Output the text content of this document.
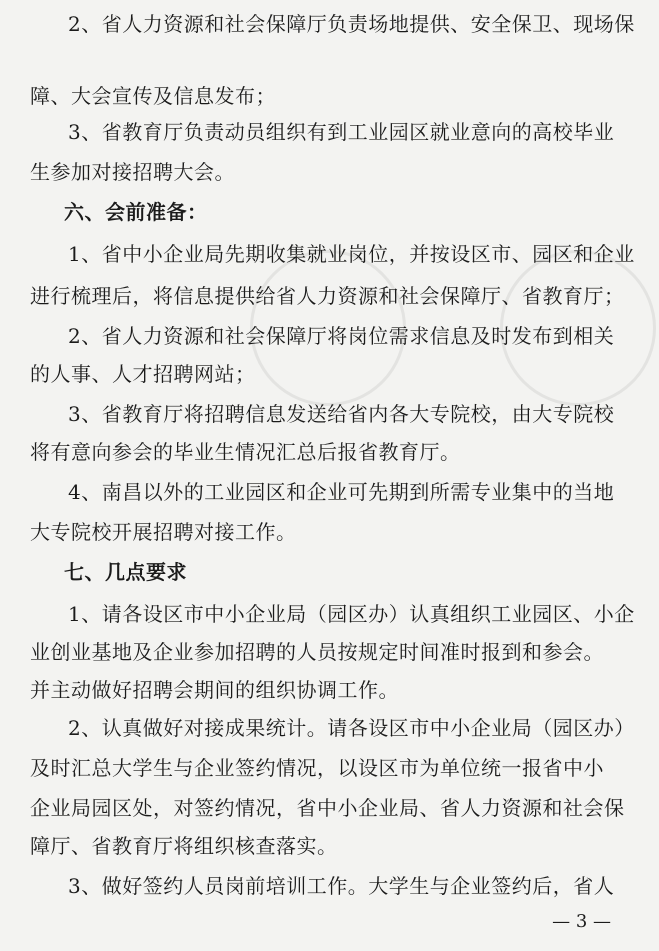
2、省人力资源和社会保障厅负责场地提供、安全保卫、现场保
障、大会宣传及信息发布；
3、省教育厅负责动员组织有到工业园区就业意向的高校毕业
生参加对接招聘大会。
六、会前准备：
1、省中小企业局先期收集就业岗位，并按设区市、园区和企业
进行梳理后，将信息提供给省人力资源和社会保障厅、省教育厅；
2、省人力资源和社会保障厅将岗位需求信息及时发布到相关
的人事、人才招聘网站；
3、省教育厅将招聘信息发送给省内各大专院校，由大专院校
将有意向参会的毕业生情况汇总后报省教育厅。
4、南昌以外的工业园区和企业可先期到所需专业集中的当地
大专院校开展招聘对接工作。
七、几点要求
1、请各设区市中小企业局（园区办）认真组织工业园区、小企
业创业基地及企业参加招聘的人员按规定时间准时报到和参会。
并主动做好招聘会期间的组织协调工作。
2、认真做好对接成果统计。请各设区市中小企业局（园区办）
及时汇总大学生与企业签约情况，以设区市为单位统一报省中小
企业局园区处，对签约情况，省中小企业局、省人力资源和社会保
障厅、省教育厅将组织核查落实。
3、做好签约人员岗前培训工作。大学生与企业签约后，省人
— 3 —
